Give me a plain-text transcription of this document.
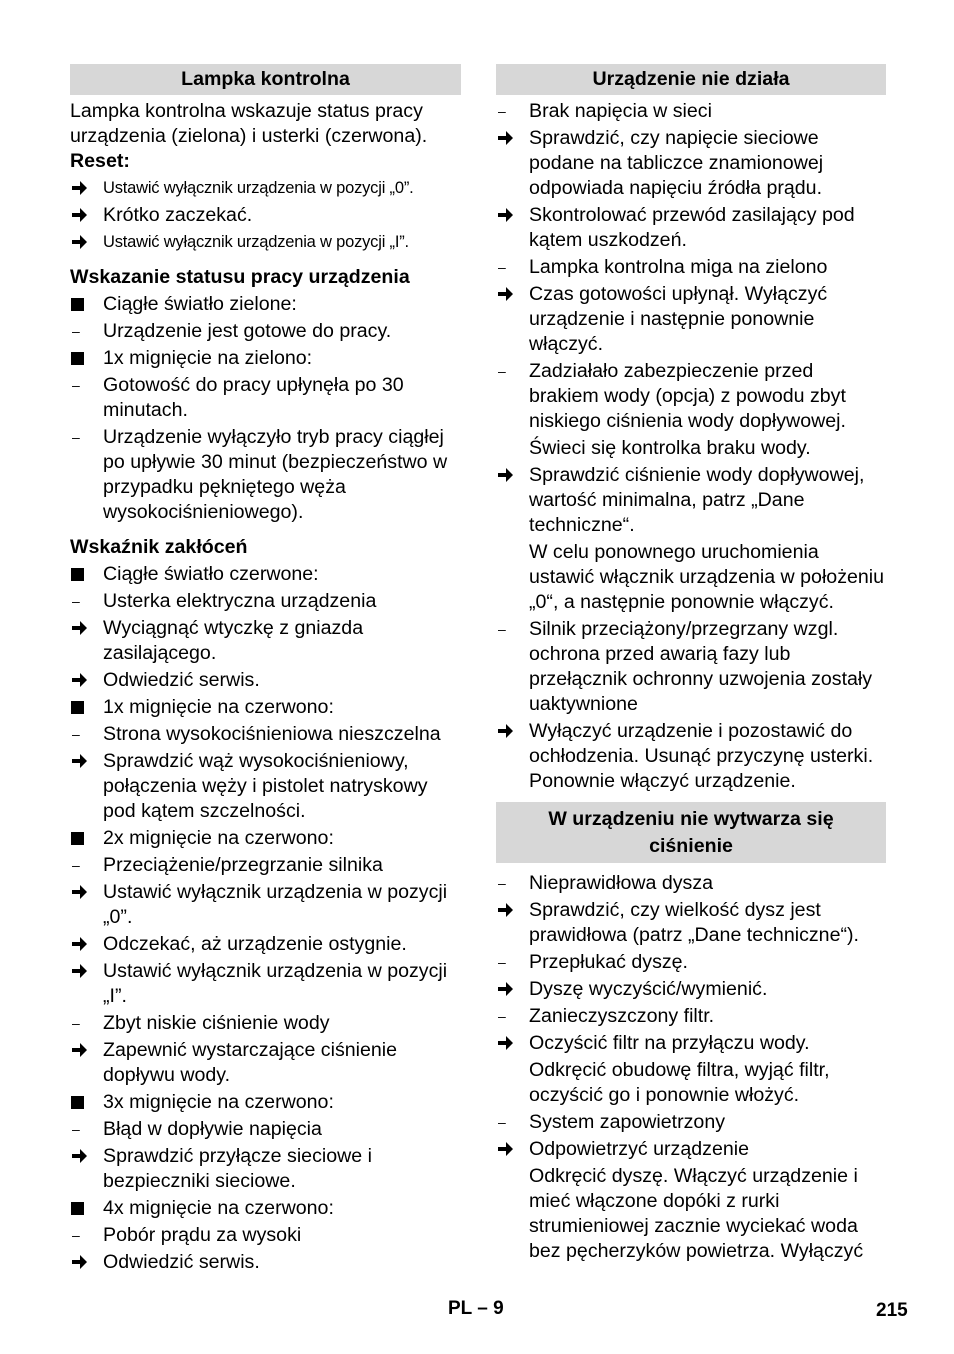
Lampka kontrolna
Lampka kontrolna wskazuje status pracy urządzenia (zielona) i usterki (czerwona).
Reset:
Ustawić wyłącznik urządzenia w pozycji „0”.
Krótko zaczekać.
Ustawić wyłącznik urządzenia w pozycji „I”.
Wskazanie statusu pracy urządzenia
Ciągłe światło zielone:
–	Urządzenie jest gotowe do pracy.
1x mignięcie na zielono:
–	Gotowość do pracy upłynęła po 30 minutach.
–	Urządzenie wyłączyło tryb pracy ciągłej po upływie 30 minut (bezpieczeństwo w przypadku pękniętego węża wysokociśnieniowego).
Wskaźnik zakłóceń
Ciągłe światło czerwone:
–	Usterka elektryczna urządzenia
Wyciągnąć wtyczkę z gniazda zasilającego.
Odwiedzić serwis.
1x mignięcie na czerwono:
–	Strona wysokociśnieniowa nieszczelna
Sprawdzić wąż wysokociśnieniowy, połączenia węży i pistolet natryskowy pod kątem szczelności.
2x mignięcie na czerwono:
–	Przeciążenie/przegrzanie silnika
Ustawić wyłącznik urządzenia w pozycji „0”.
Odczekać, aż urządzenie ostygnie.
Ustawić wyłącznik urządzenia w pozycji „I”.
–	Zbyt niskie ciśnienie wody
Zapewnić wystarczające ciśnienie dopływu wody.
3x mignięcie na czerwono:
–	Błąd w dopływie napięcia
Sprawdzić przyłącze sieciowe i bezpieczniki sieciowe.
4x mignięcie na czerwono:
–	Pobór prądu za wysoki
Odwiedzić serwis.
Urządzenie nie działa
–	Brak napięcia w sieci
Sprawdzić, czy napięcie sieciowe podane na tabliczce znamionowej odpowiada napięciu źródła prądu.
Skontrolować przewód zasilający pod kątem uszkodzeń.
–	Lampka kontrolna miga na zielono
Czas gotowości upłynął. Wyłączyć urządzenie i następnie ponownie włączyć.
–	Zadziałało zabezpieczenie przed brakiem wody (opcja) z powodu zbyt niskiego ciśnienia wody dopływowej.
Świeci się kontrolka braku wody.
Sprawdzić ciśnienie wody dopływowej, wartość minimalna, patrz „Dane techniczne“.
W celu ponownego uruchomienia ustawić włącznik urządzenia w położeniu „0“, a następnie ponownie włączyć.
–	Silnik przeciążony/przegrzany wzgl. ochrona przed awarią fazy lub przełącznik ochronny uzwojenia zostały uaktywnione
Wyłączyć urządzenie i pozostawić do ochłodzenia. Usunąć przyczynę usterki. Ponownie włączyć urządzenie.
W urządzeniu nie wytwarza się ciśnienie
–	Nieprawidłowa dysza
Sprawdzić, czy wielkość dysz jest prawidłowa (patrz „Dane techniczne“).
–	Przepłukać dyszę.
Dyszę wyczyścić/wymienić.
–	Zanieczyszczony filtr.
Oczyścić filtr na przyłączu wody.
Odkręcić obudowę filtra, wyjąć filtr, oczyścić go i ponownie włożyć.
–	System zapowietrzony
Odpowietrzyć urządzenie
Odkręcić dyszę. Włączyć urządzenie i mieć włączone dopóki z rurki strumieniowej zacznie wyciekać woda bez pęcherzyków powietrza. Wyłączyć
PL – 9	215
